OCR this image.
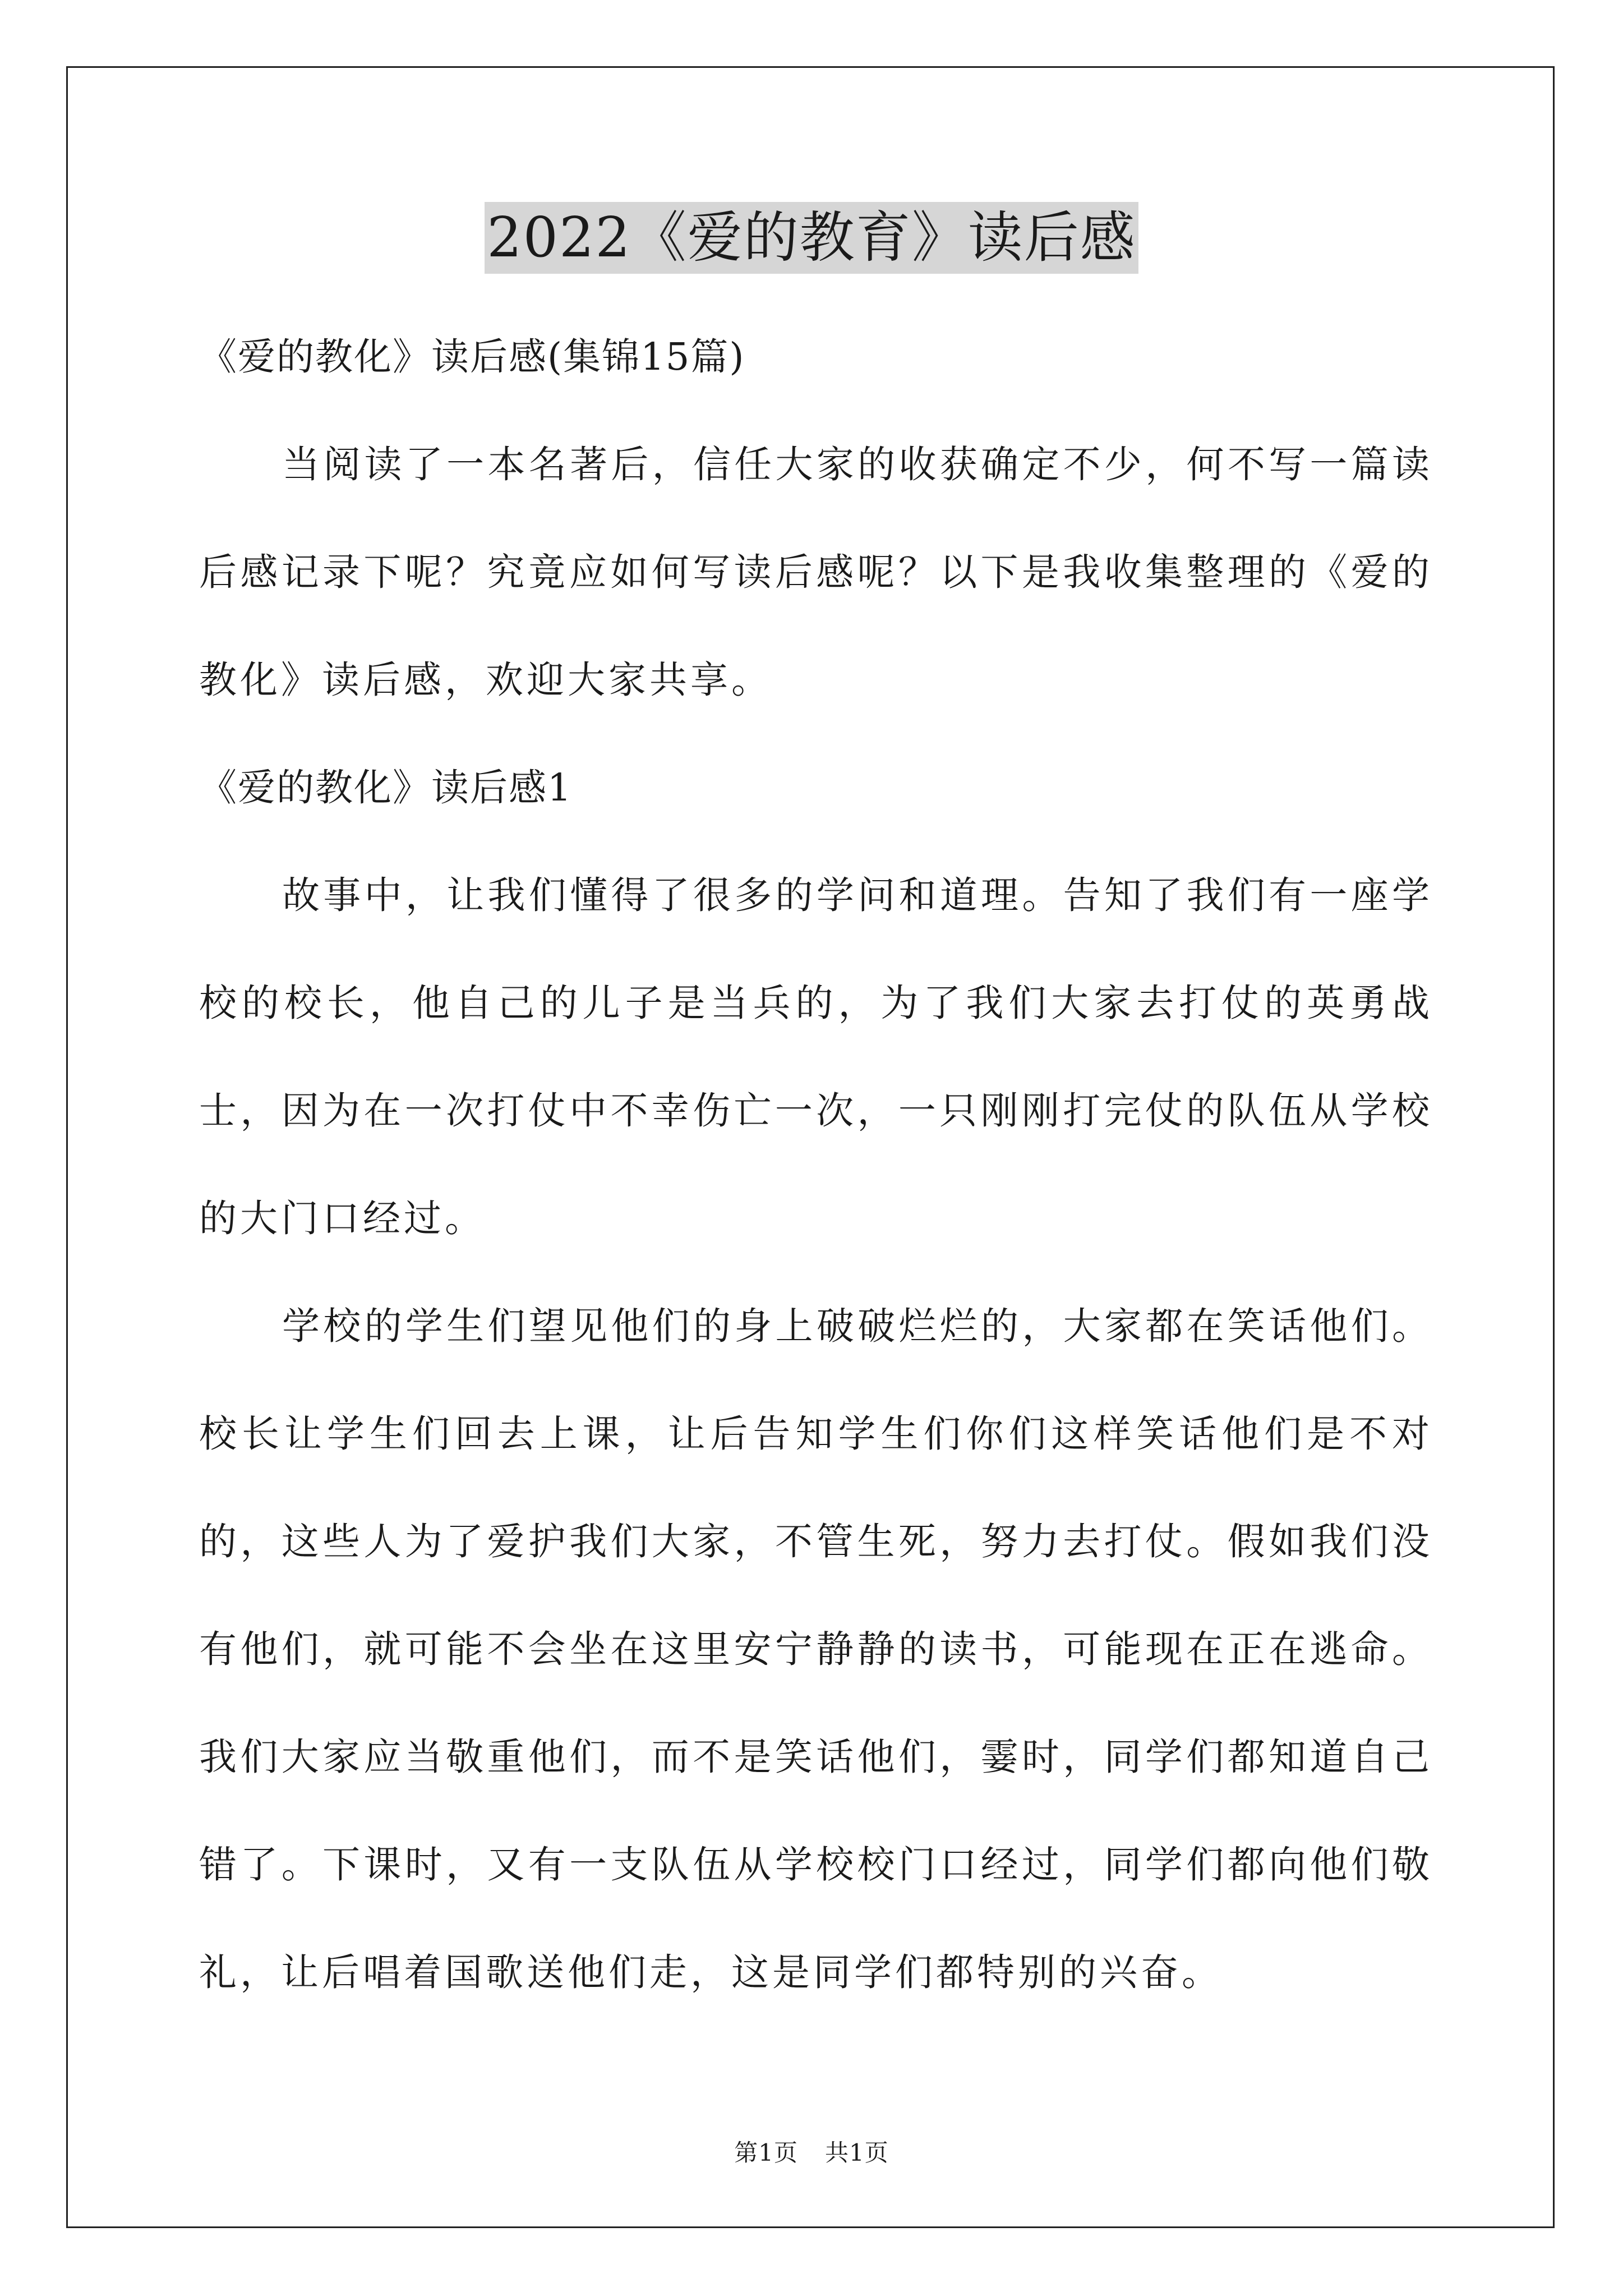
2022《爱的教育》读后感

《爱的教化》读后感(集锦15篇)

当阅读了一本名著后，信任大家的收获确定不少，何不写一篇读后感记录下呢？究竟应如何写读后感呢？以下是我收集整理的《爱的教化》读后感，欢迎大家共享。

《爱的教化》读后感1

故事中，让我们懂得了很多的学问和道理。告知了我们有一座学校的校长，他自己的儿子是当兵的，为了我们大家去打仗的英勇战士，因为在一次打仗中不幸伤亡一次，一只刚刚打完仗的队伍从学校的大门口经过。

学校的学生们望见他们的身上破破烂烂的，大家都在笑话他们。校长让学生们回去上课，让后告知学生们你们这样笑话他们是不对的，这些人为了爱护我们大家，不管生死，努力去打仗。假如我们没有他们，就可能不会坐在这里安宁静静的读书，可能现在正在逃命。我们大家应当敬重他们，而不是笑话他们，霎时，同学们都知道自己错了。下课时，又有一支队伍从学校校门口经过，同学们都向他们敬礼，让后唱着国歌送他们走，这是同学们都特别的兴奋。

第1页 共1页
